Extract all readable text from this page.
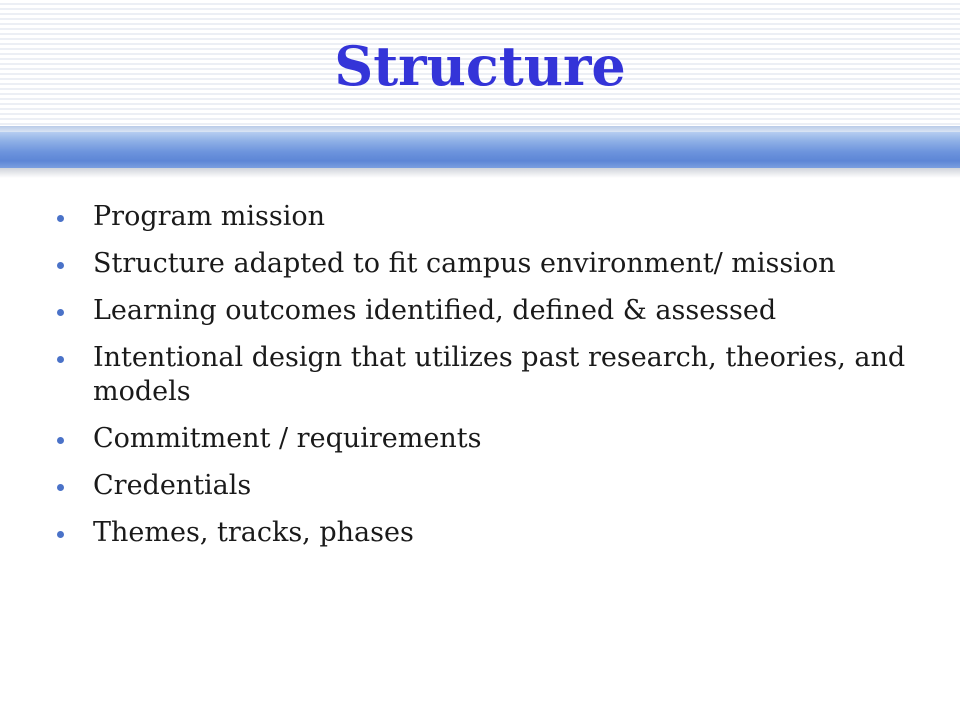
Structure
Program mission
Structure adapted to fit campus environment/ mission
Learning outcomes identified, defined & assessed
Intentional design that utilizes past research, theories, and models
Commitment / requirements
Credentials
Themes, tracks, phases
